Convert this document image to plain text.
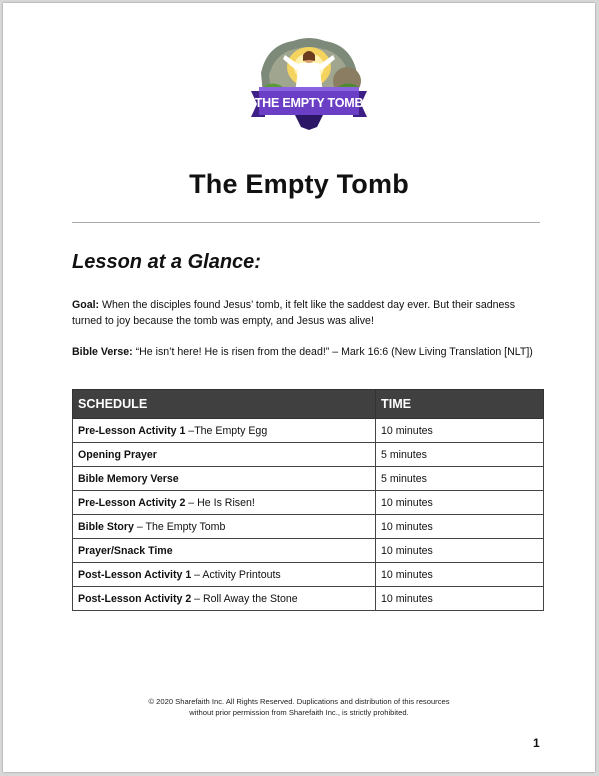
THE EMPTY TOMB
The Empty Tomb
Lesson at a Glance:
Goal: When the disciples found Jesus’ tomb, it felt like the saddest day ever. But their sadness turned to joy because the tomb was empty, and Jesus was alive!
Bible Verse: “He isn’t here! He is risen from the dead!” – Mark 16:6 (New Living Translation [NLT])
SCHEDULE	TIME
Pre-Lesson Activity 1 –The Empty Egg	10 minutes
Opening Prayer	5 minutes
Bible Memory Verse	5 minutes
Pre-Lesson Activity 2 – He Is Risen!	10 minutes
Bible Story – The Empty Tomb	10 minutes
Prayer/Snack Time	10 minutes
Post-Lesson Activity 1 – Activity Printouts	10 minutes
Post-Lesson Activity 2 – Roll Away the Stone	10 minutes
© 2020 Sharefaith Inc. All Rights Reserved. Duplications and distribution of this resources
without prior permission from Sharefaith Inc., is strictly prohibited.
1
